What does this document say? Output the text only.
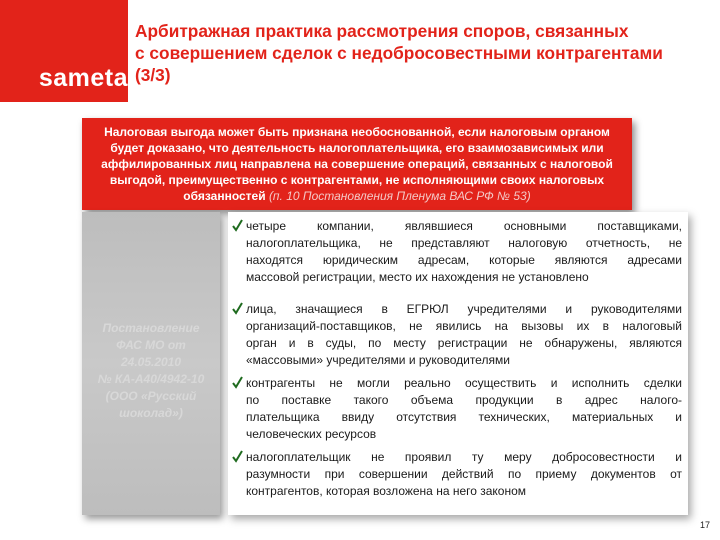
sameta
Арбитражная практика рассмотрения споров, связанных
с совершением сделок с недобросовестными контрагентами
(3/3)
Налоговая выгода может быть признана необоснованной, если налоговым органом
будет доказано, что деятельность налогоплательщика, его взаимозависимых или
аффилированных лиц направлена на совершение операций, связанных с налоговой
выгодой, преимущественно с контрагентами, не исполняющими своих налоговых
обязанностей (п. 10 Постановления Пленума ВАС РФ № 53)
Постановление
ФАС МО от
24.05.2010
№ КА-А40/4942-10
(ООО «Русский
шоколад»)
четыре компании, являвшиеся основными поставщиками,
налогоплательщика, не представляют налоговую отчетность, не
находятся юридическим адресам, которые являются адресами
массовой регистрации, место их нахождения не установлено
лица, значащиеся в ЕГРЮЛ учредителями и руководителями
организаций-поставщиков, не явились на вызовы их в налоговый
орган и в суды, по месту регистрации не обнаружены, являются
«массовыми» учредителями и руководителями
контрагенты не могли реально осуществить и исполнить сделки
по поставке такого объема продукции в адрес налого-
плательщика ввиду отсутствия технических, материальных и
человеческих ресурсов
налогоплательщик не проявил ту меру добросовестности и
разумности при совершении действий по приему документов от
контрагентов, которая возложена на него законом
17
